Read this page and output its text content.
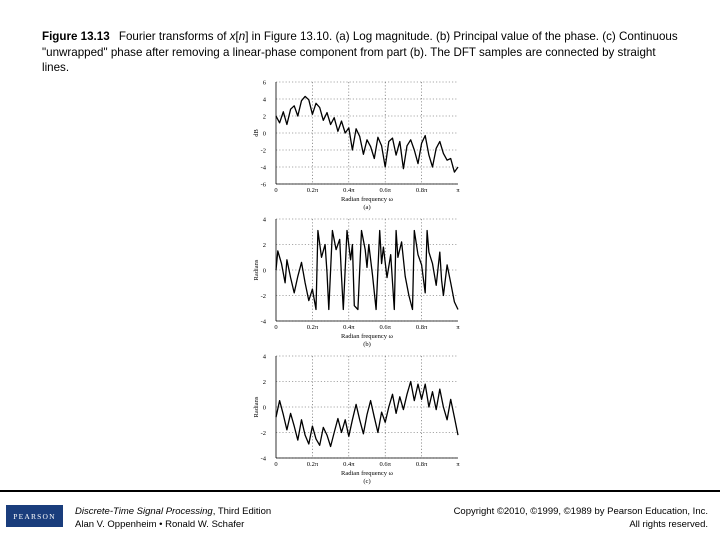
Figure 13.13 Fourier transforms of x[n] in Figure 13.10. (a) Log magnitude. (b) Principal value of the phase. (c) Continuous "unwrapped" phase after removing a linear-phase component from part (b). The DFT samples are connected by straight lines.
6
4
2
0
-2
-4
-6
0	0.2π	0.4π	0.6π	0.8π	π
Radian frequency ω
(a)
dB
4
2
0
-2
-4
0	0.2π	0.4π	0.6π	0.8π	π
Radian frequency ω
(b)
Radians
4
2
0
-2
-4
0	0.2π	0.4π	0.6π	0.8π	π
Radian frequency ω
(c)
Radians
PEARSON Discrete-Time Signal Processing, Third Edition
Alan V. Oppenheim • Ronald W. Schafer
Copyright ©2010, ©1999, ©1989 by Pearson Education, Inc.
All rights reserved.
